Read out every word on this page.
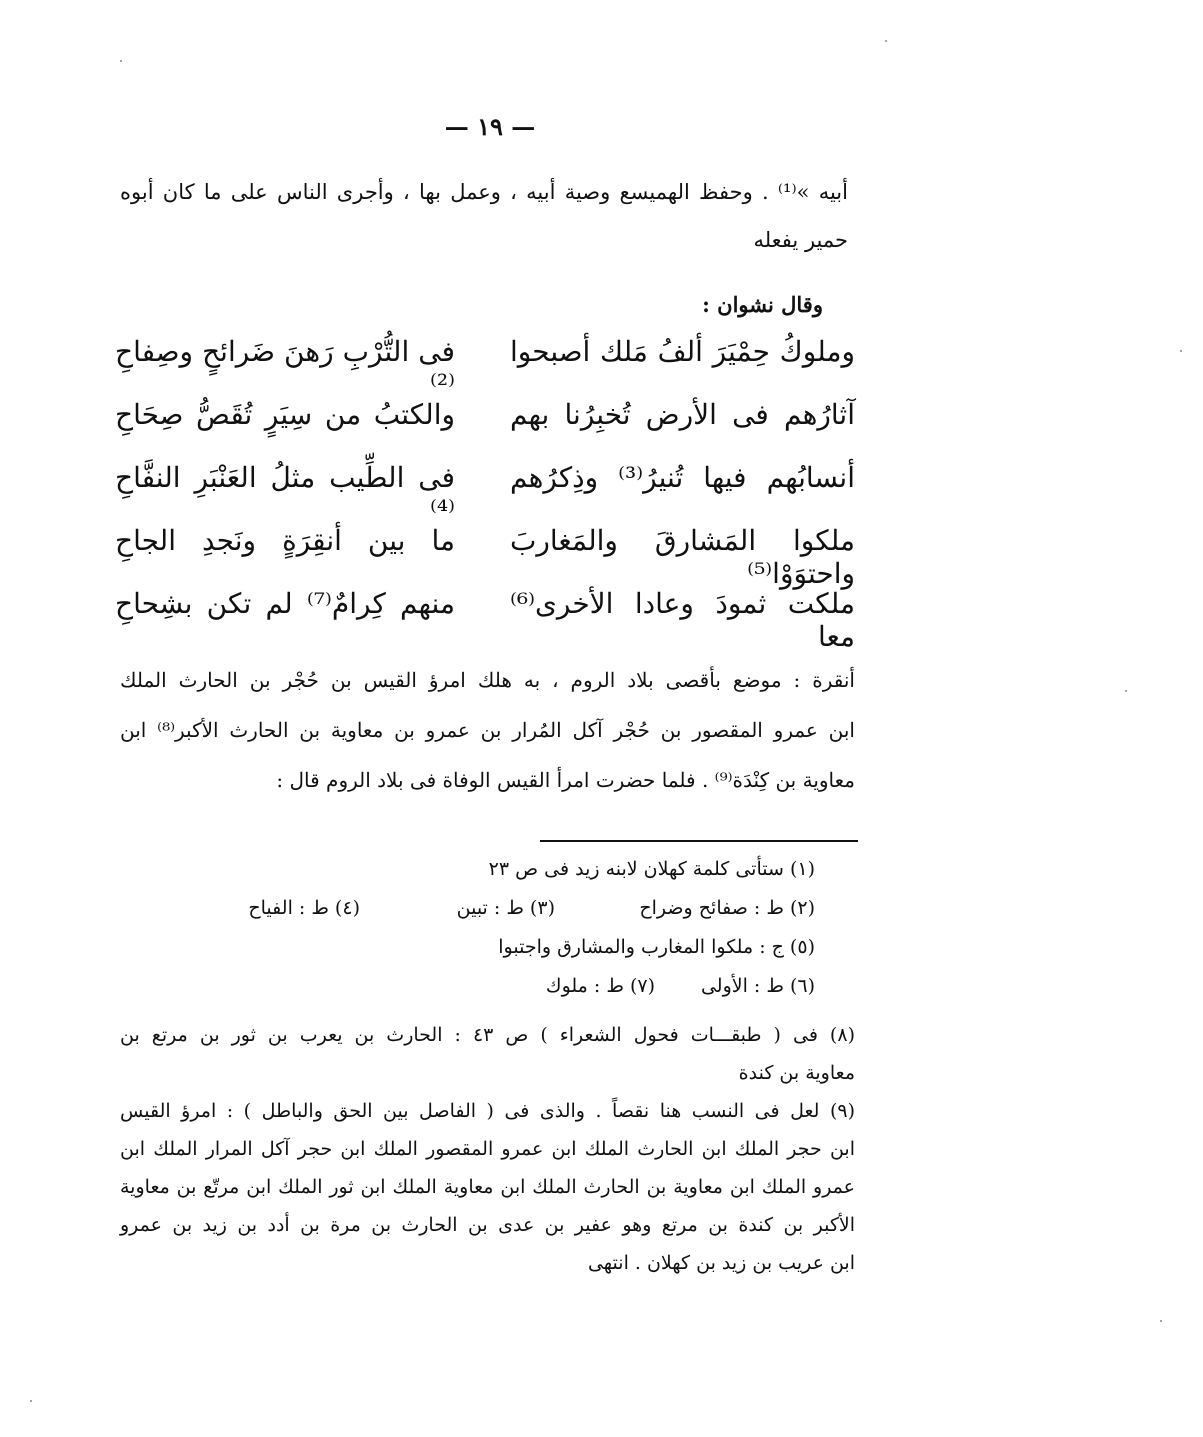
— ١٩ —
أبيه »⁽¹⁾ . وحفظ الهميسع وصية أبيه ، وعمل بها ، وأجرى الناس على ما كان أبوه
حمير يفعله
وقال نشوان :
وملوكُ حِمْيَرَ ألفُ مَلك أصبحوا
فى التُّرْبِ رَهنَ ضَرائحٍ وصِفاحِ ⁽²⁾
آثارُهم فى الأرض تُخبِرُنا بهم
والكتبُ من سِيَرٍ تُقَصُّ صِحَاحِ
أنسابُهم فيها تُنيرُ⁽³⁾ وذِكرُهم
فى الطِّيب مثلُ العَنْبَرِ النفَّاحِ ⁽⁴⁾
ملكوا المَشارقَ والمَغاربَ واحتوَوْا⁽⁵⁾
ما بين أنقِرَةٍ ونَجدِ الجاحِ
ملكت ثمودَ وعادا الأخرى⁽⁶⁾ معا
منهم كِرامٌ⁽⁷⁾ لم تكن بشِحاحِ
أنقرة : موضع بأقصى بلاد الروم ، به هلك امرؤ القيس بن حُجْر بن الحارث الملك
ابن عمرو المقصور بن حُجْر آكل المُرار بن عمرو بن معاوية بن الحارث الأكبر⁽⁸⁾ ابن
معاوية بن كِنْدَة⁽⁹⁾ . فلما حضرت امرأ القيس الوفاة فى بلاد الروم قال :
(١) ستأتى كلمة كهلان لابنه زيد فى ص ٢٣
(٢) ط : صفائح وضراح
(٣) ط : تبين
(٤) ط : الفياح
(٥) ج : ملكوا المغارب والمشارق واجتبوا
(٦) ط : الأولى
(٧) ط : ملوك
(٨) فى ( طبقـــات فحول الشعراء ) ص ٤٣ : الحارث بن يعرب بن ثور بن مرتع بن
معاوية بن كندة
(٩) لعل فى النسب هنا نقصاً . والذى فى ( الفاصل بين الحق والباطل ) : امرؤ القيس
ابن حجر الملك ابن الحارث الملك ابن عمرو المقصور الملك ابن حجر آكل المرار الملك ابن
عمرو الملك ابن معاوية بن الحارث الملك ابن معاوية الملك ابن ثور الملك ابن مرتّع بن معاوية
الأكبر بن كندة بن مرتع وهو عفير بن عدى بن الحارث بن مرة بن أدد بن زيد بن عمرو
ابن عريب بن زيد بن كهلان . انتهى
